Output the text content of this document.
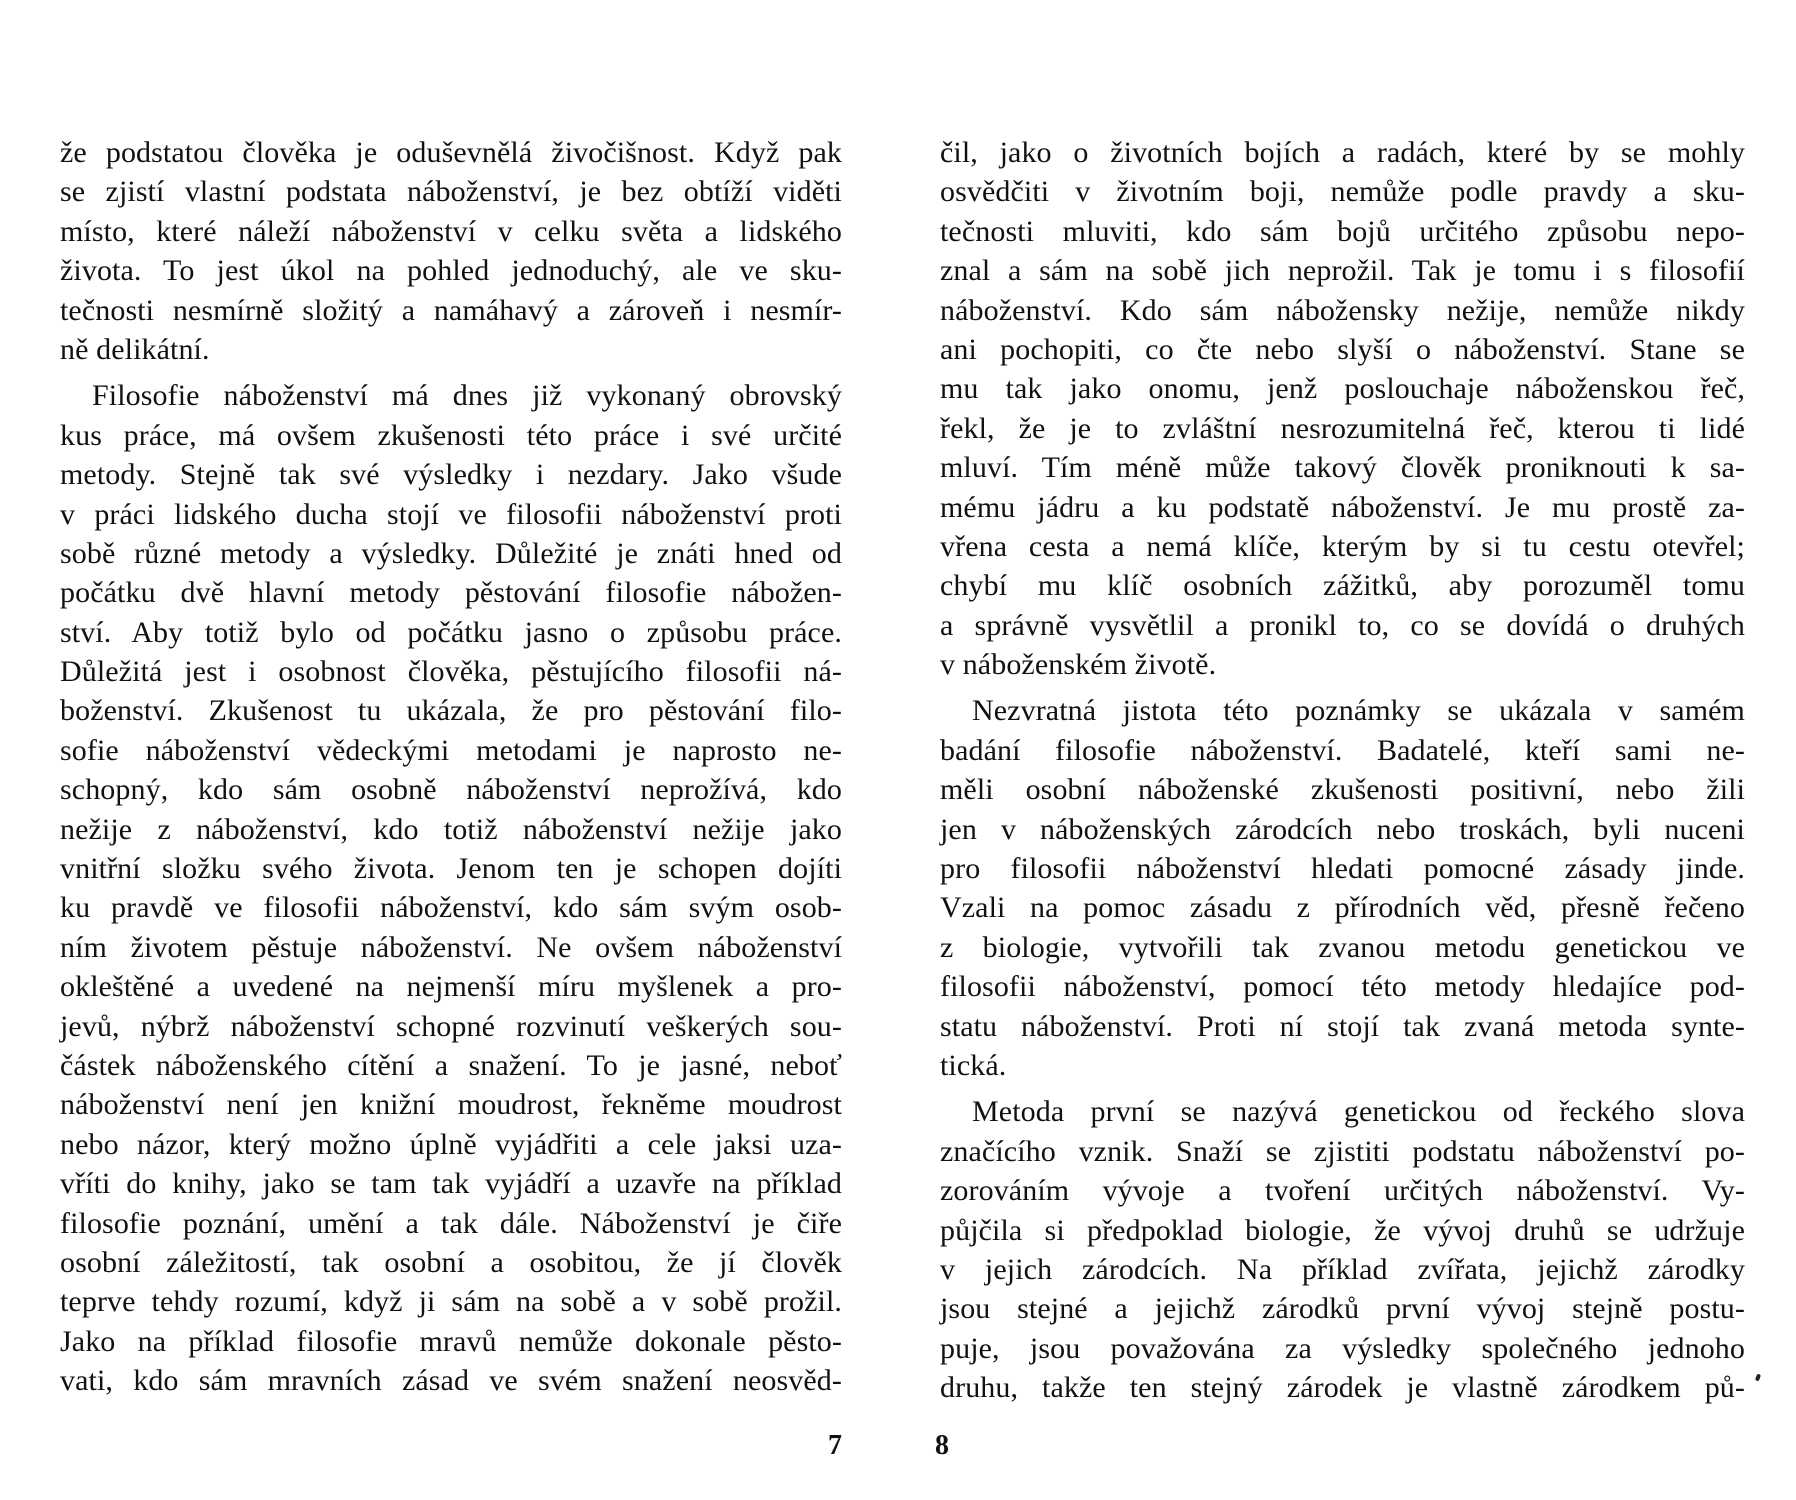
že podstatou člověka je oduševnělá živočišnost. Když pak
se zjistí vlastní podstata náboženství, je bez obtíží viděti
místo, které náleží náboženství v celku světa a lidského
života. To jest úkol na pohled jednoduchý, ale ve sku-
tečnosti nesmírně složitý a namáhavý a zároveň i nesmír-
ně delikátní.
Filosofie náboženství má dnes již vykonaný obrovský
kus práce, má ovšem zkušenosti této práce i své určité
metody. Stejně tak své výsledky i nezdary. Jako všude
v práci lidského ducha stojí ve filosofii náboženství proti
sobě různé metody a výsledky. Důležité je znáti hned od
počátku dvě hlavní metody pěstování filosofie nábožen-
ství. Aby totiž bylo od počátku jasno o způsobu práce.
Důležitá jest i osobnost člověka, pěstujícího filosofii ná-
boženství. Zkušenost tu ukázala, že pro pěstování filo-
sofie náboženství vědeckými metodami je naprosto ne-
schopný, kdo sám osobně náboženství neprožívá, kdo
nežije z náboženství, kdo totiž náboženství nežije jako
vnitřní složku svého života. Jenom ten je schopen dojíti
ku pravdě ve filosofii náboženství, kdo sám svým osob-
ním životem pěstuje náboženství. Ne ovšem náboženství
okleštěné a uvedené na nejmenší míru myšlenek a pro-
jevů, nýbrž náboženství schopné rozvinutí veškerých sou-
částek náboženského cítění a snažení. To je jasné, neboť
náboženství není jen knižní moudrost, řekněme moudrost
nebo názor, který možno úplně vyjádřiti a cele jaksi uza-
vříti do knihy, jako se tam tak vyjádří a uzavře na příklad
filosofie poznání, umění a tak dále. Náboženství je čiře
osobní záležitostí, tak osobní a osobitou, že jí člověk
teprve tehdy rozumí, když ji sám na sobě a v sobě prožil.
Jako na příklad filosofie mravů nemůže dokonale pěsto-
vati, kdo sám mravních zásad ve svém snažení neosvěd-
7
čil, jako o životních bojích a radách, které by se mohly
osvědčiti v životním boji, nemůže podle pravdy a sku-
tečnosti mluviti, kdo sám bojů určitého způsobu nepo-
znal a sám na sobě jich neprožil. Tak je tomu i s filosofií
náboženství. Kdo sám nábožensky nežije, nemůže nikdy
ani pochopiti, co čte nebo slyší o náboženství. Stane se
mu tak jako onomu, jenž poslouchaje náboženskou řeč,
řekl, že je to zvláštní nesrozumitelná řeč, kterou ti lidé
mluví. Tím méně může takový člověk proniknouti k sa-
mému jádru a ku podstatě náboženství. Je mu prostě za-
vřena cesta a nemá klíče, kterým by si tu cestu otevřel;
chybí mu klíč osobních zážitků, aby porozuměl tomu
a správně vysvětlil a pronikl to, co se dovídá o druhých
v náboženském životě.
Nezvratná jistota této poznámky se ukázala v samém
badání filosofie náboženství. Badatelé, kteří sami ne-
měli osobní náboženské zkušenosti positivní, nebo žili
jen v náboženských zárodcích nebo troskách, byli nuceni
pro filosofii náboženství hledati pomocné zásady jinde.
Vzali na pomoc zásadu z přírodních věd, přesně řečeno
z biologie, vytvořili tak zvanou metodu genetickou ve
filosofii náboženství, pomocí této metody hledajíce pod-
statu náboženství. Proti ní stojí tak zvaná metoda synte-
tická.
Metoda první se nazývá genetickou od řeckého slova
značícího vznik. Snaží se zjistiti podstatu náboženství po-
zorováním vývoje a tvoření určitých náboženství. Vy-
půjčila si předpoklad biologie, že vývoj druhů se udržuje
v jejich zárodcích. Na příklad zvířata, jejichž zárodky
jsou stejné a jejichž zárodků první vývoj stejně postu-
puje, jsou považována za výsledky společného jednoho
druhu, takže ten stejný zárodek je vlastně zárodkem pů-
8
